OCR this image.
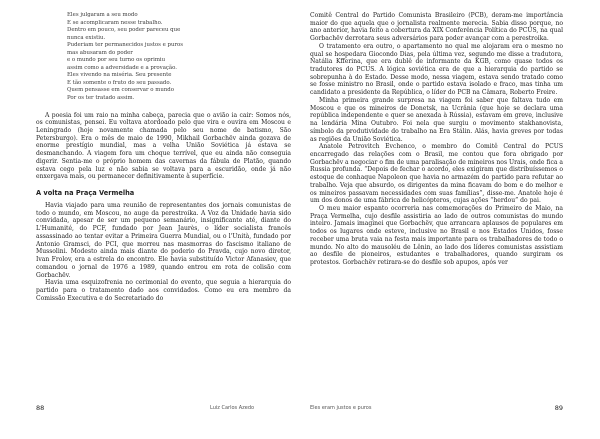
Eles julgaram a seu modo
E se acomplicaram nesse trabalho.
Dentro em pouco, seu poder pareceu que
nunca existiu.
Puderiam ter permanecidos justos e puros
mas abusaram do poder
e o mundo por seu turno os oprimiu
assim como a adversidade e a provação.
Eles vivendo na miséria. Seu presente
E tão somente o fruto do seu passado.
Quem pensasse em conservar o mundo
Por os ter tratado assim.

A poesia foi um raio na minha cabeça, parecia que o avião ia cair: Somos nós, os comunistas, pensei. Eu voltava atordoado pelo que vira e ouvira em Moscou e Leningrado (hoje novamente chamada pelo seu nome de batismo, São Petersburgo). Era o mês de maio de 1990, Mikhail Gorbachëv ainda gozava de enorme prestígio mundial, mas a velha União Soviética já estava se desmanchando. A viagem fora um choque terrível, que eu ainda não conseguia digerir. Sentia-me o próprio homem das cavernas da fábula de Platão, quando estava cego pela luz e não sabia se voltava para a escuridão, onde já não enxergava mais, ou permanecer definitivamente à superfície.

A volta na Praça Vermelha

Havia viajado para uma reunião de representantes dos jornais comunistas de todo o mundo, em Moscou, no auge da perestroika. A Voz da Unidade havia sido convidada, apesar de ser um pequeno semanário, insignificante até, diante do L'Humanité, do PCF, fundado por Jean Jaurès, o líder socialista francês assassinado ao tentar evitar a Primeira Guerra Mundial, ou o l'Unità, fundado por Antonio Gramsci, do PCI, que morreu nas masmorras do fascismo italiano de Mussolini. Modesto ainda mais diante do poderio do Pravda, cujo novo diretor, Ivan Frolov, era a estrela do encontro. Ele havia substituído Victor Afanasiev, que comandou o jornal de 1976 a 1989, quando entrou em rota de colisão com Gorbachëv.

Havia uma esquizofrenia no cerimonial do evento, que seguia a hierarquia do partido para o tratamento dado aos convidados. Como eu era membro da Comissão Executiva e do Secretariado do

88	Luiz Carlos Azedo

Comitê Central do Partido Comunista Brasileiro (PCB), deram-me importância maior do que aquela que o jornalista realmente merecia. Sabia disso porque, no ano anterior, havia feito a cobertura da XIX Conferência Política do PCUS, na qual Gorbachëv derrotara seus adversários para poder avançar com a perestroika.

O tratamento era outro, o apartamento no qual me alojaram era o mesmo no qual se hospedara Giocondo Dias, pela última vez, segundo me disse a tradutora, Natália Kfferina, que era dublê de informante da KGB, como quase todos os tradutores do PCUS. A lógica soviética era de que a hierarquia do partido se sobrepunha à do Estado. Desse modo, nessa viagem, estava sendo tratado como se fosse ministro no Brasil, onde o partido estava isolado e fraco, mas tinha um candidato a presidente da República, o líder do PCB na Câmara, Roberto Freire.

Minha primeira grande surpresa na viagem foi saber que faltava tudo em Moscou e que os mineiros de Donetsk, na Ucrânia (que hoje se declara uma república independente e quer se anexada à Rússia), estavam em greve, inclusive na lendária Mina Outubro. Foi nela que surgiu o movimento stakhanovista, símbolo da produtividade do trabalho na Era Stálin. Alás, havia greves por todas as regiões da União Soviética.

Anatole Petrovitch Evchenco, o membro do Comitê Central do PCUS encarregado das relações com o Brasil, me contou que fora obrigado por Gorbachëv a negociar o fim de uma paralisação de mineiros nos Urais, onde fica a Russia profunda. “Depois de fechar o acordo, eles exigiram que distribuíssemos o estoque de conhaque Napoleon que havia no armazém do partido para refutar ao trabalho. Veja que absurdo, os dirigentes da mina ficavam do bom e do melhor e os mineiros passavam necessidades com suas famílias”, disse-me. Anatole hoje é um dos donos de uma fábrica de helicópteros, cujas ações “herdou” do pai.

O meu maior espanto ocorreria nas comemorações do Primeiro de Maio, na Praça Vermelha, cujo desfile assistiria ao lado de outros comunistas do mundo inteiro. Jamais imaginei que Gorbachëv, que arrancara aplausos de populares em todos os lugares onde esteve, inclusive no Brasil e nos Estados Unidos, fosse receber uma bruta vaia na festa mais importante para os trabalhadores de todo o mundo. No alto do mausoléu de Lênin, ao lado dos líderes comunistas assistiam ao desfile de pioneiros, estudantes e trabalhadores, quando surgiram os protestos. Gorbachëv retirara-se do desfile sob apupos, após ver

Eles eram justos e puros	89
